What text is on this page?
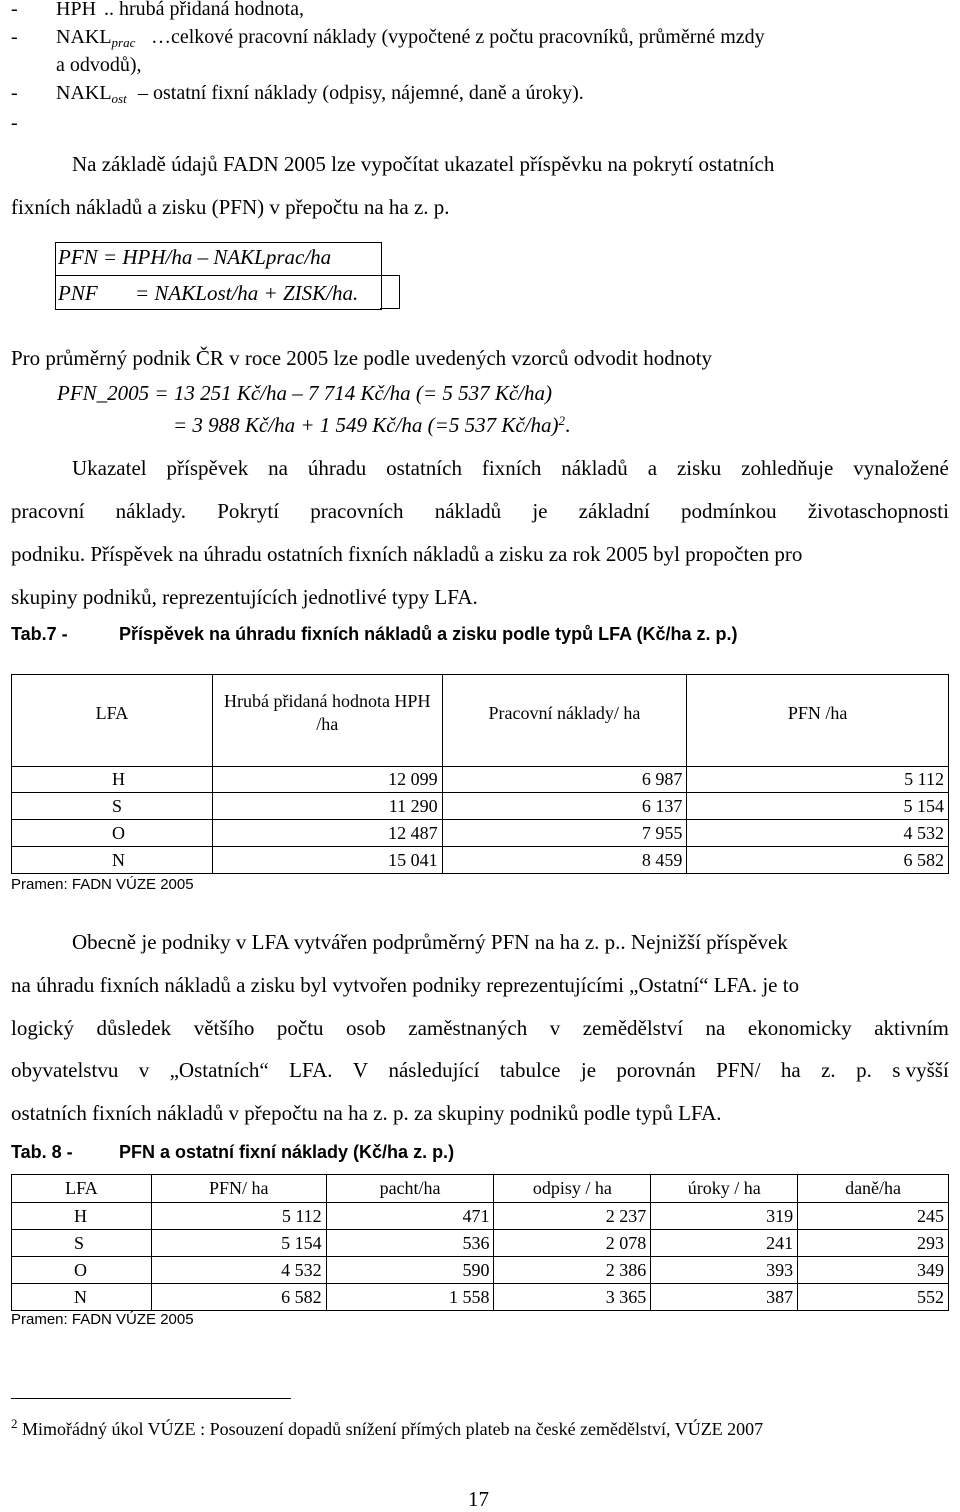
- HPH .. hrubá přidaná hodnota,
- $NAKL_{prac}$ …celkové pracovní náklady (vypočtené z počtu pracovníků, průměrné mzdy
a odvodů),
- $NAKL_{ost}$ – ostatní fixní náklady (odpisy, nájemné, daně a úroky).
-
Na základě údajů FADN 2005 lze vypočítat ukazatel příspěvku na pokrytí ostatních
fixních nákladů a zisku (PFN) v přepočtu na ha z. p.
PFN = HPH/ha – NAKLprac/ha
PNF = NAKLost/ha + ZISK/ha.
Pro průměrný podnik ČR v roce 2005 lze podle uvedených vzorců odvodit hodnoty
PFN_2005 = 13 251 Kč/ha – 7 714 Kč/ha (= 5 537 Kč/ha)
= 3 988 Kč/ha + 1 549 Kč/ha (=5 537 Kč/ha)$^2$.
Ukazatel příspěvek na úhradu ostatních fixních nákladů a zisku zohledňuje vynaložené
pracovní náklady. Pokrytí pracovních nákladů je základní podmínkou životaschopnosti
podniku. Příspěvek na úhradu ostatních fixních nákladů a zisku za rok 2005 byl propočten pro
skupiny podniků, reprezentujících jednotlivé typy LFA.
Tab.7 -	Příspěvek na úhradu fixních nákladů a zisku podle typů LFA (Kč/ha z. p.)
LFA	Hrubá přidaná hodnota HPH /ha	Pracovní náklady/ ha	PFN /ha

H	12 099	6 987	5 112
S	11 290	6 137	5 154
O	12 487	7 955	4 532
N	15 041	8 459	6 582
Pramen: FADN VÚZE 2005
Obecně je podniky v LFA vytvářen podprůměrný PFN na ha z. p.. Nejnižší příspěvek
na úhradu fixních nákladů a zisku byl vytvořen podniky reprezentujícími „Ostatní“ LFA. je to
logický důsledek většího počtu osob zaměstnaných v zemědělství na ekonomicky aktivním
obyvatelstvu v „Ostatních“ LFA. V následující tabulce je porovnán PFN/ ha z. p. s vyšší
ostatních fixních nákladů v přepočtu na ha z. p. za skupiny podniků podle typů LFA.
Tab. 8 -	PFN a ostatní fixní náklady (Kč/ha z. p.)
LFA	PFN/ ha	pacht/ha	odpisy / ha	úroky / ha	daně/ha
H	5 112	471	2 237	319	245
S	5 154	536	2 078	241	293
O	4 532	590	2 386	393	349
N	6 582	1 558	3 365	387	552
Pramen: FADN VÚZE 2005
$^2$ Mimořádný úkol VÚZE : Posouzení dopadů snížení přímých plateb na české zemědělství, VÚZE 2007
17
